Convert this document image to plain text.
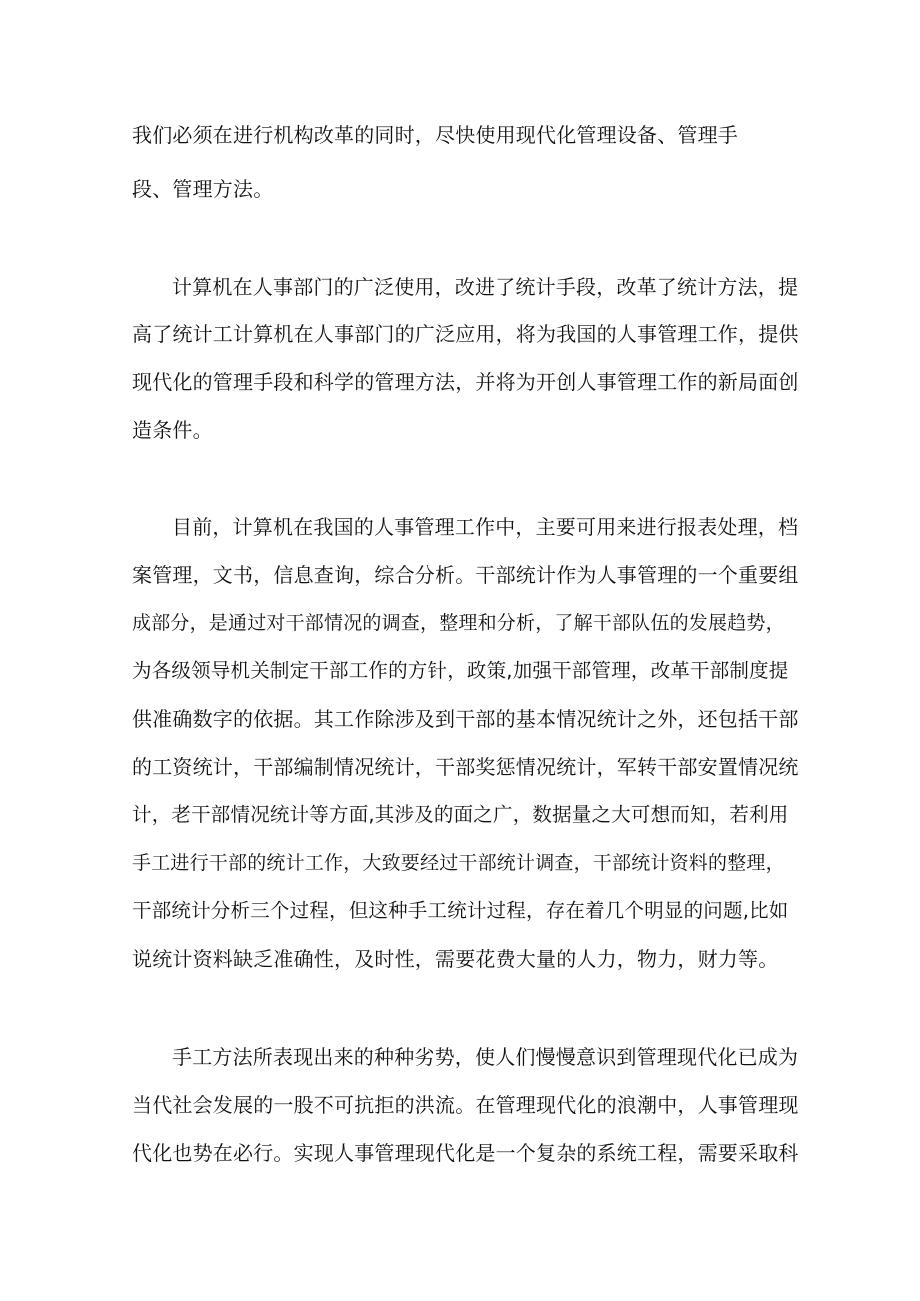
我们必须在进行机构改革的同时，尽快使用现代化管理设备、管理手
段、管理方法。
计算机在人事部门的广泛使用，改进了统计手段，改革了统计方法，提
高了统计工计算机在人事部门的广泛应用，将为我国的人事管理工作，提供
现代化的管理手段和科学的管理方法，并将为开创人事管理工作的新局面创
造条件。
目前，计算机在我国的人事管理工作中，主要可用来进行报表处理，档
案管理，文书，信息查询，综合分析。干部统计作为人事管理的一个重要组
成部分，是通过对干部情况的调查，整理和分析，了解干部队伍的发展趋势，
为各级领导机关制定干部工作的方针，政策,加强干部管理，改革干部制度提
供准确数字的依据。其工作除涉及到干部的基本情况统计之外，还包括干部
的工资统计，干部编制情况统计，干部奖惩情况统计，军转干部安置情况统
计，老干部情况统计等方面,其涉及的面之广，数据量之大可想而知，若利用
手工进行干部的统计工作，大致要经过干部统计调查，干部统计资料的整理，
干部统计分析三个过程，但这种手工统计过程，存在着几个明显的问题,比如
说统计资料缺乏准确性，及时性，需要花费大量的人力，物力，财力等。
手工方法所表现出来的种种劣势，使人们慢慢意识到管理现代化已成为
当代社会发展的一股不可抗拒的洪流。在管理现代化的浪潮中，人事管理现
代化也势在必行。实现人事管理现代化是一个复杂的系统工程，需要采取科
